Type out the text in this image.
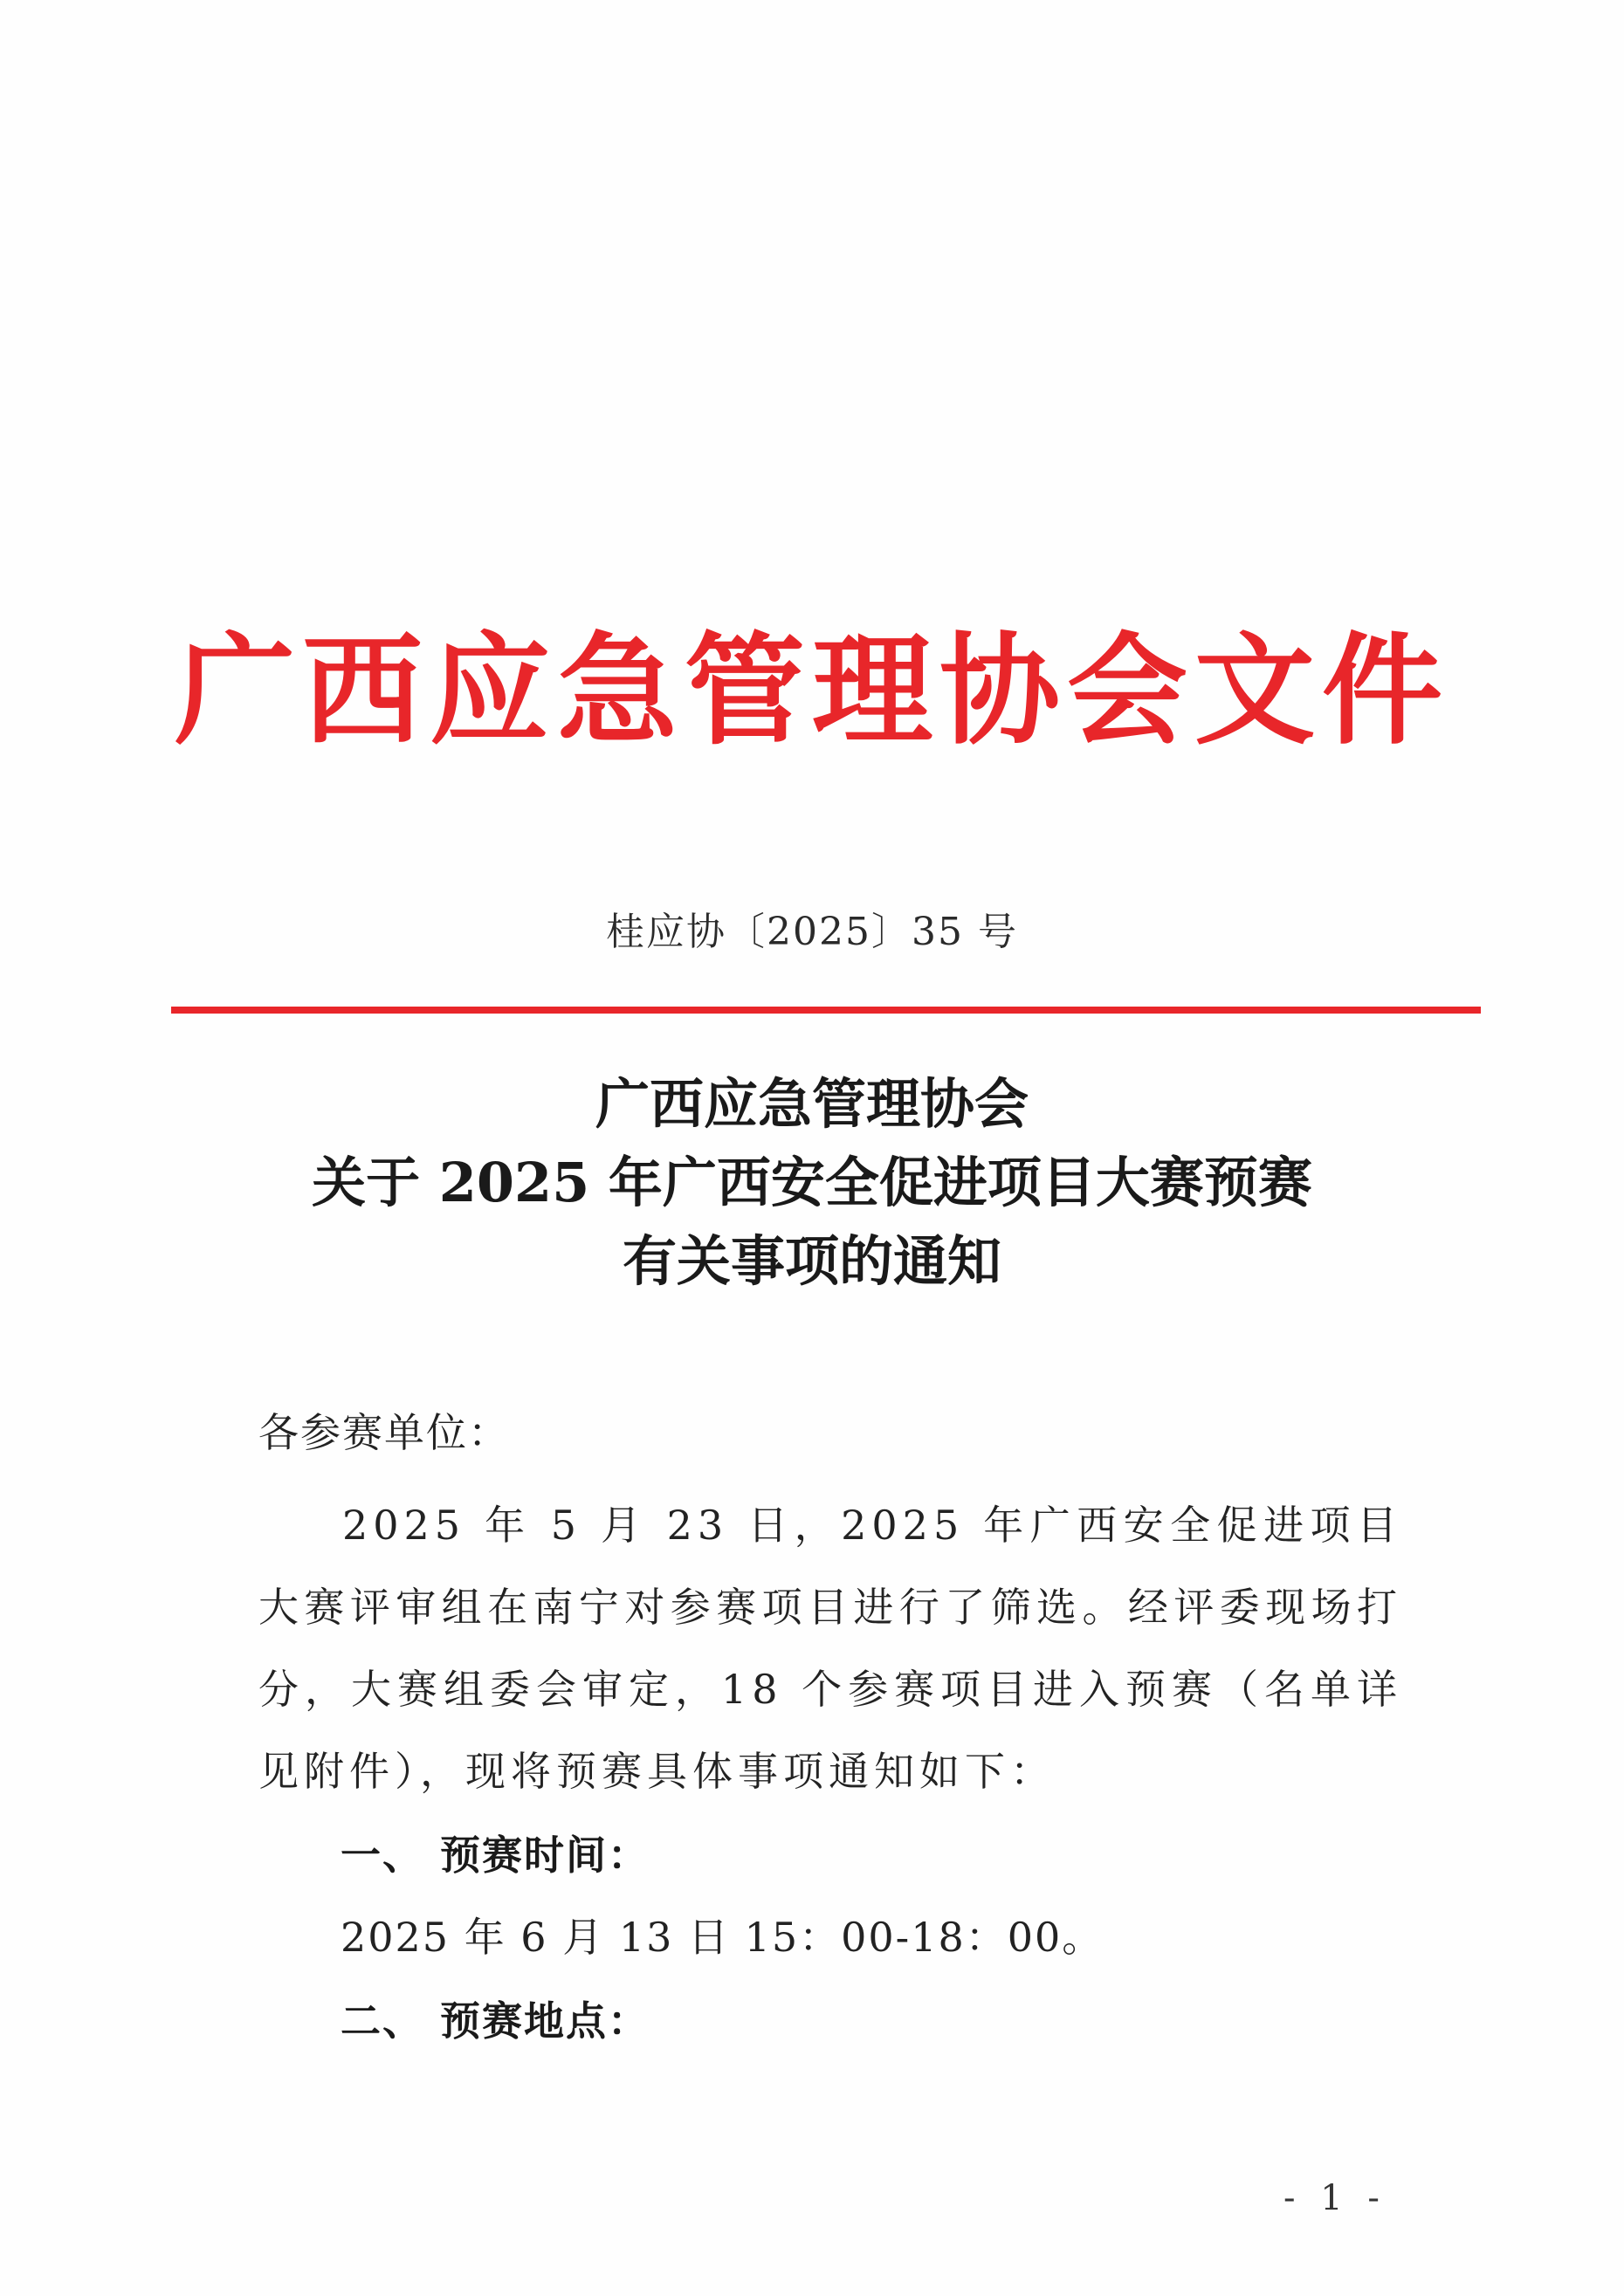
广西应急管理协会文件
桂应协〔2025〕35 号
广西应急管理协会
关于 2025 年广西安全促进项目大赛预赛
有关事项的通知
各参赛单位：
2025 年 5 月 23 日，2025 年广西安全促进项目大赛评审组在南宁对参赛项目进行了筛选。经评委现场打分，大赛组委会审定，18 个参赛项目进入预赛（名单详见附件），现将预赛具体事项通知如下：
一、 预赛时间：
2025 年 6 月 13 日 15：00-18：00。
二、 预赛地点：
- 1 -
